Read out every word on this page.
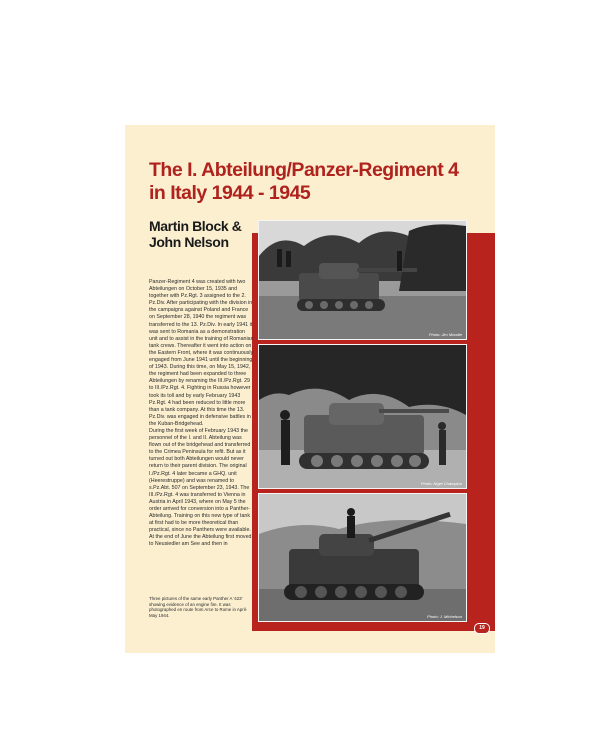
The I. Abteilung/Panzer-Regiment 4
in Italy 1944 - 1945
Martin Block &
John Nelson
Photo: Jim Moodie
Photo: Nigel Champion
Photo: J. Michelson

Panzer-Regiment 4 was created with two Abteilungen on October 15, 1935 and together with Pz.Rgt. 3 assigned to the 2. Pz.Div. After participating with the division in the campaigns against Poland and France on September 28, 1940 the regiment was transferred to the 13. Pz.Div. In early 1941 it was sent to Romania as a demonstration unit and to assist in the training of Romanian tank crews. Thereafter it went into action on the Eastern Front, where it was continuously engaged from June 1941 until the beginning of 1943. During this time, on May 15, 1942, the regiment had been expanded to three Abteilungen by renaming the III./Pz.Rgt. 29 to III./Pz.Rgt. 4. Fighting in Russia however took its toll and by early February 1943 Pz.Rgt. 4 had been reduced to little more than a tank company. At this time the 13. Pz.Div. was engaged in defensive battles in the Kuban-Bridgehead.

During the first week of February 1943 the personnel of the I. and II. Abteilung was flown out of the bridgehead and transferred to the Crimea Peninsula for refit. But as it turned out both Abteilungen would never return to their parent division. The original I./Pz.Rgt. 4 later became a GHQ. unit (Heerestruppe) and was renamed to s.Pz.Abt. 507 on September 23, 1943. The III./Pz.Rgt. 4 was transferred to Vienna in Austria in April 1943, where on May 5 the order arrived for conversion into a Panther-Abteilung. Training on this new type of tank at first had to be more theoretical than practical, since no Panthers were available. At the end of June the Abteilung first moved to Neusiedler am See and then in

Three pictures of the same early Panther A '423' showing evidence of an engine fire. It was photographed en route from Arce to Rome in April-May 1944.

19
